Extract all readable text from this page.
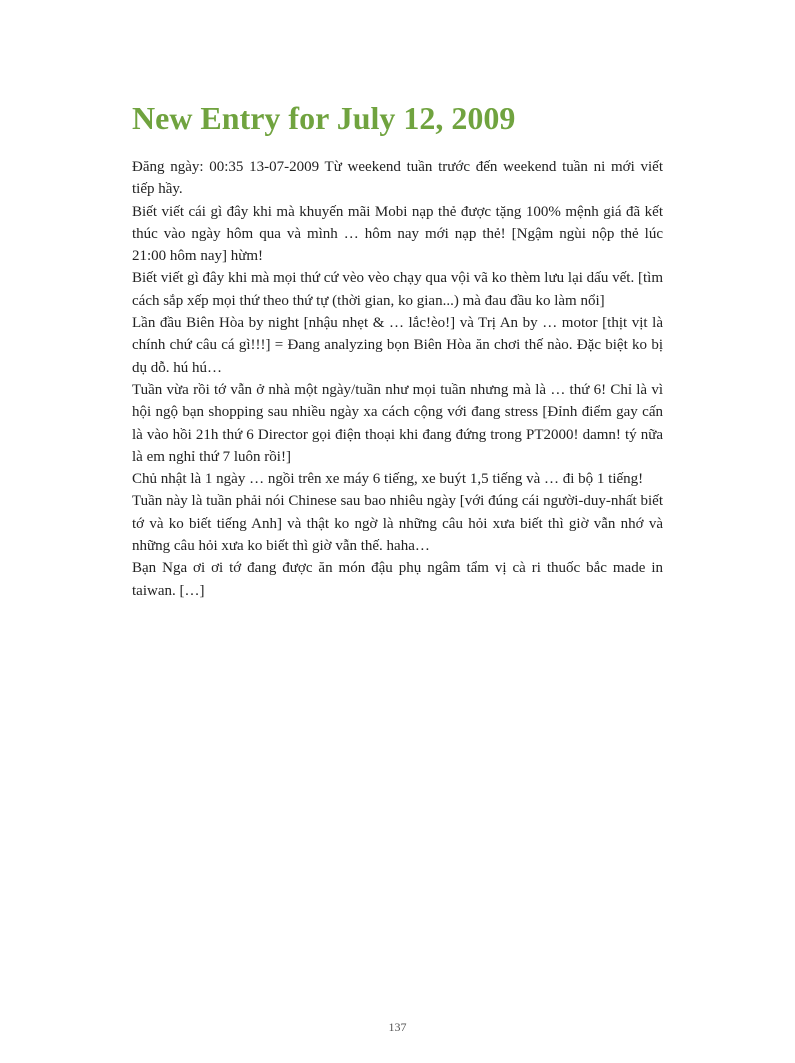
New Entry for July 12, 2009

Đăng ngày: 00:35 13-07-2009 Từ weekend tuần trước đến weekend tuần ni mới viết tiếp hầy.

Biết viết cái gì đây khi mà khuyến mãi Mobi nạp thẻ được tặng 100% mệnh giá đã kết thúc vào ngày hôm qua và mình … hôm nay mới nạp thẻ! [Ngậm ngùi nộp thẻ lúc 21:00 hôm nay] hừm!

Biết viết gì đây khi mà mọi thứ cứ vèo vèo chạy qua vội vã ko thèm lưu lại dấu vết. [tìm cách sắp xếp mọi thứ theo thứ tự (thời gian, ko gian...) mà đau đầu ko làm nổi]

Lần đầu Biên Hòa by night [nhậu nhẹt & … lắc!èo!] và Trị An by … motor [thịt vịt là chính chứ câu cá gì!!!] = Đang analyzing bọn Biên Hòa ăn chơi thế nào. Đặc biệt ko bị dụ dỗ. hú hú…

Tuần vừa rồi tớ vẫn ở nhà một ngày/tuần như mọi tuần nhưng mà là … thứ 6! Chỉ là vì hội ngộ bạn shopping sau nhiều ngày xa cách cộng với đang stress [Đỉnh điểm gay cấn là vào hồi 21h thứ 6 Director gọi điện thoại khi đang đứng trong PT2000! damn! tý nữa là em nghỉ thứ 7 luôn rồi!]

Chủ nhật là 1 ngày … ngồi trên xe máy 6 tiếng, xe buýt 1,5 tiếng và … đi bộ 1 tiếng!

Tuần này là tuần phải nói Chinese sau bao nhiêu ngày [với đúng cái người-duy-nhất biết tớ và ko biết tiếng Anh] và thật ko ngờ là những câu hỏi xưa biết thì giờ vẫn nhớ và những câu hỏi xưa ko biết thì giờ vẫn thế. haha…

Bạn Nga ơi ơi tớ đang được ăn món đậu phụ ngâm tẩm vị cà ri thuốc bắc made in taiwan. […]

137
